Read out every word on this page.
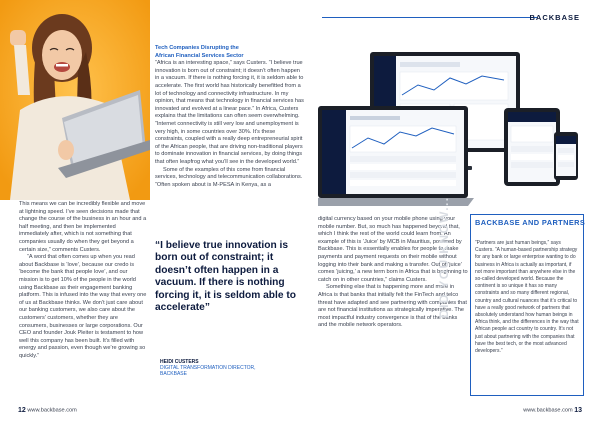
This means we can be incredibly flexible and move at lightning speed. I’ve seen decisions made that change the course of the business in an hour and a half meeting, and then be implemented immediately after, which is not something that companies usually do when they get beyond a certain size,” comments Custers.

“A word that often comes up when you read about Backbase is ‘love’, because our credo is ‘become the bank that people love’, and our mission is to get 10% of the people in the world using Backbase as their engagement banking platform. This is infused into the way that every one of us at Backbase thinks. We don’t just care about our banking customers, we also care about the customers’ customers, whether they are consumers, businesses or large corporations. Our CEO and founder Jouk Pleiter is testament to how well this company has been built. It’s filled with energy and passion, even though we’re growing so quickly.”

Tech Companies Disrupting the
African Financial Services Sector

“Africa is an interesting space,” says Custers. “I believe true innovation is born out of constraint; it doesn’t often happen in a vacuum. If there is nothing forcing it, it is seldom able to accelerate. The first world has historically benefitted from a lot of technology and connectivity infrastructure. In my opinion, that means that technology in financial services has innovated and evolved at a linear pace.” In Africa, Custers explains that the limitations can often seem overwhelming. “Internet connectivity is still very low and unemployment is very high, in some countries over 30%. It’s these constraints, coupled with a really deep entrepreneurial spirit of the African people, that are driving non-traditional players to dominate innovation in financial services, by doing things that often leapfrog what you’ll see in the developed world.”

Some of the examples of this come from financial services, technology and telecommunication collaborations. “Often spoken about is M-PESA in Kenya, as a

“I believe true innovation is born out of constraint; it doesn’t often happen in a vacuum. If there is nothing forcing it, it is seldom able to accelerate”
HEIDI CUSTERS
DIGITAL TRANSFORMATION DIRECTOR,
BACKBASE
BACKBASE

digital currency based on your mobile phone using your mobile number. But, so much has happened beyond that, which I think the rest of the world could learn from. An example of this is ‘Juice’ by MCB in Mauritius, powered by Backbase. This is essentially enables for people to make payments and payment requests on their mobile without logging into their bank and making a transfer. Out of ‘juice’ comes ‘juicing,’ a new term born in Africa that is beginning to catch on in other countries,” claims Custers.

Something else that is happening more and more in Africa is that banks that initially felt the FinTech and telco threat have adapted and see partnering with companies that are not financial institutions as strategically imperative. The most impactful industry convergence is that of the banks and the mobile network operators.

DID YOU KNOW...	BACKBASE AND PARTNERS
“Partners are just human beings,” says Custers. “A human-based partnership strategy for any bank or large enterprise wanting to do business in Africa is actually as important, if not more important than anywhere else in the so-called developed world. Because the continent is so unique it has so many constraints and so many different regional, country and cultural nuances that it’s critical to have a really good network of partners that absolutely understand how human beings in Africa think, and the differences in the way that African people act country to country. It’s not just about partnering with the companies that have the best tech, or the most advanced developers.”
12 www.backbase.com	www.backbase.com 13
